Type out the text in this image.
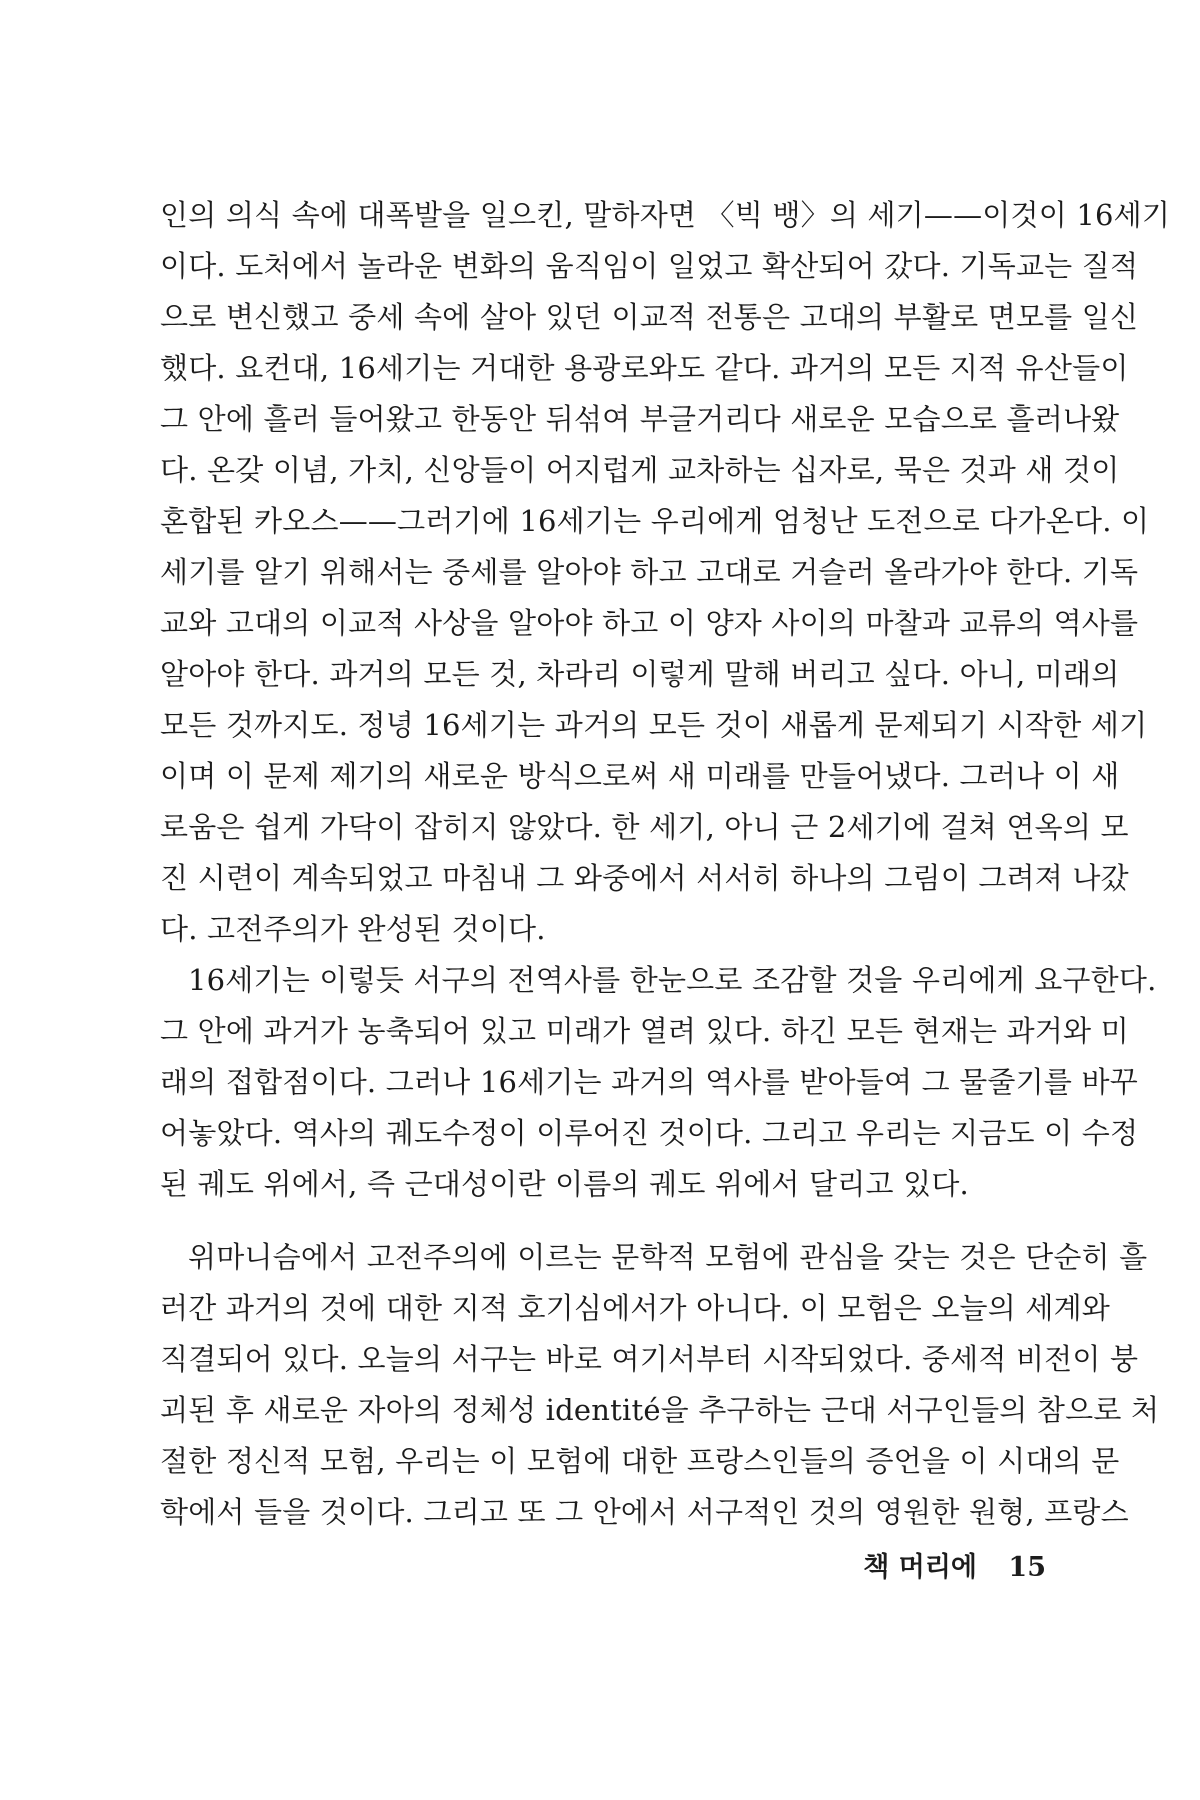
인의 의식 속에 대폭발을 일으킨, 말하자면 〈빅 뱅〉의 세기——이것이 16세기
이다. 도처에서 놀라운 변화의 움직임이 일었고 확산되어 갔다. 기독교는 질적
으로 변신했고 중세 속에 살아 있던 이교적 전통은 고대의 부활로 면모를 일신
했다. 요컨대, 16세기는 거대한 용광로와도 같다. 과거의 모든 지적 유산들이
그 안에 흘러 들어왔고 한동안 뒤섞여 부글거리다 새로운 모습으로 흘러나왔
다. 온갖 이념, 가치, 신앙들이 어지럽게 교차하는 십자로, 묵은 것과 새 것이
혼합된 카오스——그러기에 16세기는 우리에게 엄청난 도전으로 다가온다. 이
세기를 알기 위해서는 중세를 알아야 하고 고대로 거슬러 올라가야 한다. 기독
교와 고대의 이교적 사상을 알아야 하고 이 양자 사이의 마찰과 교류의 역사를
알아야 한다. 과거의 모든 것, 차라리 이렇게 말해 버리고 싶다. 아니, 미래의
모든 것까지도. 정녕 16세기는 과거의 모든 것이 새롭게 문제되기 시작한 세기
이며 이 문제 제기의 새로운 방식으로써 새 미래를 만들어냈다. 그러나 이 새
로움은 쉽게 가닥이 잡히지 않았다. 한 세기, 아니 근 2세기에 걸쳐 연옥의 모
진 시련이 계속되었고 마침내 그 와중에서 서서히 하나의 그림이 그려져 나갔
다. 고전주의가 완성된 것이다.
16세기는 이렇듯 서구의 전역사를 한눈으로 조감할 것을 우리에게 요구한다.
그 안에 과거가 농축되어 있고 미래가 열려 있다. 하긴 모든 현재는 과거와 미
래의 접합점이다. 그러나 16세기는 과거의 역사를 받아들여 그 물줄기를 바꾸
어놓았다. 역사의 궤도수정이 이루어진 것이다. 그리고 우리는 지금도 이 수정
된 궤도 위에서, 즉 근대성이란 이름의 궤도 위에서 달리고 있다.
위마니슴에서 고전주의에 이르는 문학적 모험에 관심을 갖는 것은 단순히 흘
러간 과거의 것에 대한 지적 호기심에서가 아니다. 이 모험은 오늘의 세계와
직결되어 있다. 오늘의 서구는 바로 여기서부터 시작되었다. 중세적 비전이 붕
괴된 후 새로운 자아의 정체성 identité을 추구하는 근대 서구인들의 참으로 처
절한 정신적 모험, 우리는 이 모험에 대한 프랑스인들의 증언을 이 시대의 문
학에서 들을 것이다. 그리고 또 그 안에서 서구적인 것의 영원한 원형, 프랑스
책 머리에 15
